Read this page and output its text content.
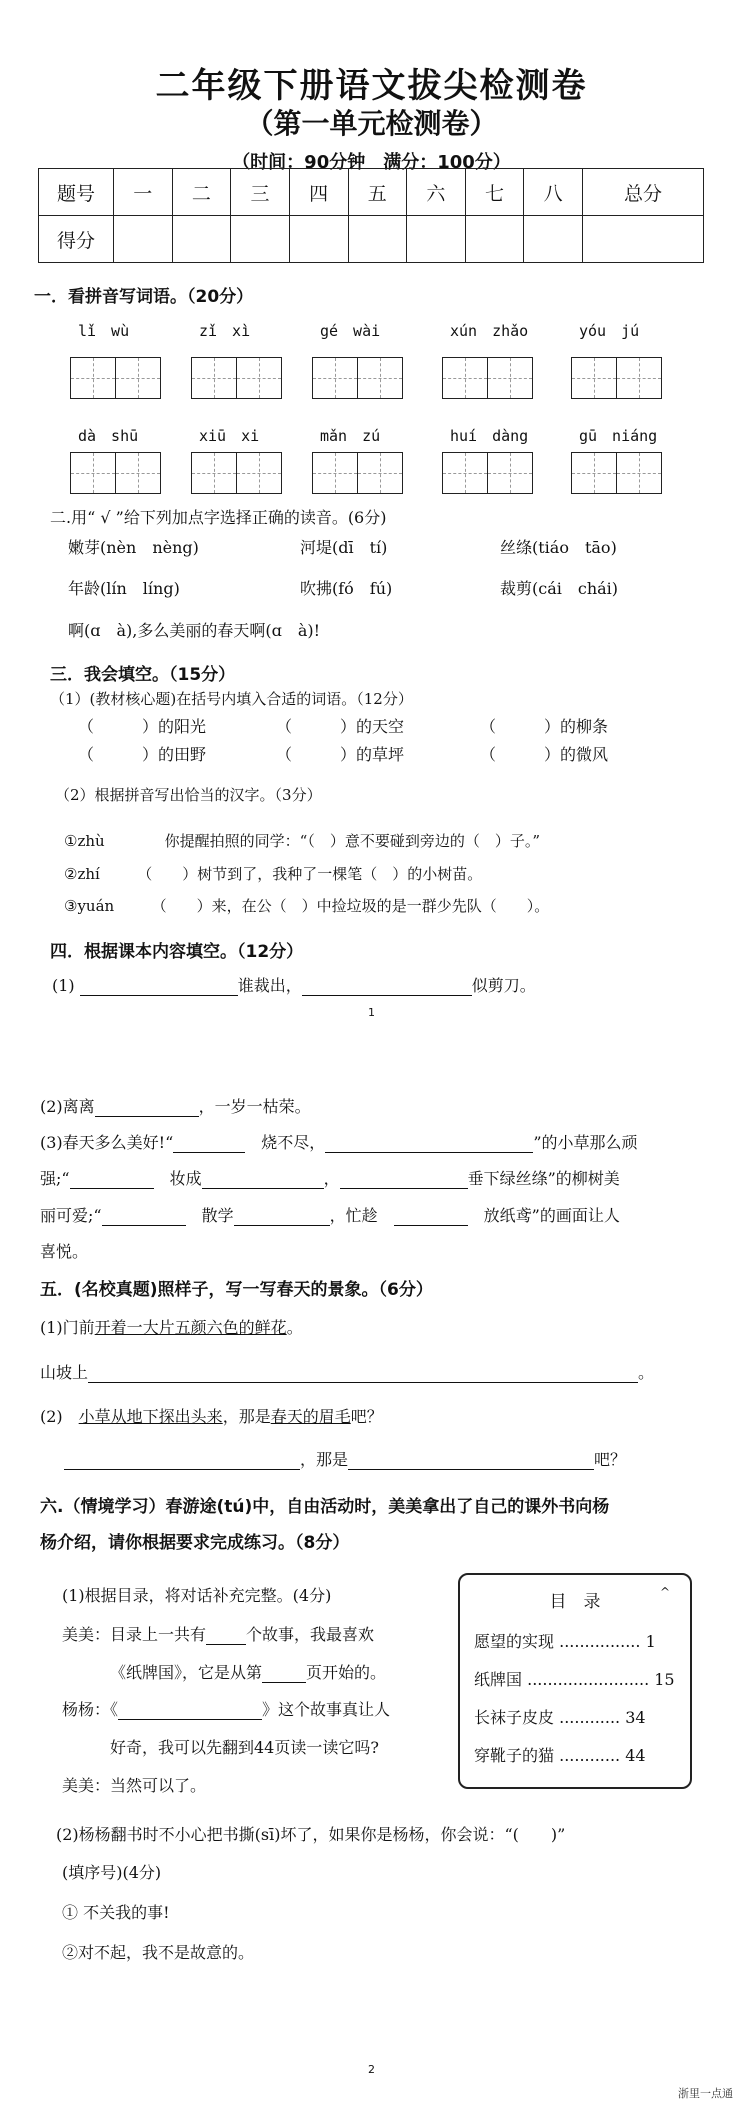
二年级下册语文拔尖检测卷
（第一单元检测卷）
（时间：90分钟　满分：100分）
题号	一	二	三	四	五	六	七	八	总分
得分									
一．看拼音写词语。（20分）
lǐ　wù	zǐ　xì	gé　wài	xún　zhǎo	yóu　jú
dà　shū	xiū　xi	mǎn　zú	huí　dàng	gū　niáng
二.用“ √ ”给下列加点字选择正确的读音。(6分)
嫩芽(nèn　nèng)	河堤(dī　tí)	丝绦(tiáo　tāo)
年龄(lín　líng)	吹拂(fó　fú)	裁剪(cái　chái)
啊(ɑ　à),多么美丽的春天啊(ɑ　à)!
三．我会填空。（15分）
（1）(教材核心题)在括号内填入合适的词语。（12分）
（　　　）的阳光	（　　　）的天空	（　　　）的柳条
（　　　）的田野	（　　　）的草坪	（　　　）的微风
（2）根据拼音写出恰当的汉字。（3分）
①zhù　　　　你提醒拍照的同学：“（　）意不要碰到旁边的（　）子。”
②zhí　　　（　　）树节到了，我种了一棵笔（　）的小树苗。
③yuán　　　（　　）来，在公（　）中捡垃圾的是一群少先队（　　）。
四．根据课本内容填空。（12分）
(1)	谁裁出，	似剪刀。
1
(2)离离	，一岁一枯荣。
(3)春天多么美好!“　	烧不尽，	”的小草那么顽
强;“　	妆成	，	垂下绿丝绦”的柳树美
丽可爱;“　	散学	，忙趁　　	放纸鸢”的画面让人
喜悦。
五．(名校真题)照样子，写一写春天的景象。（6分）
(1)门前开着一大片五颜六色的鲜花。
山坡上	。
(2)　小草从地下探出头来，那是春天的眉毛吧？
，那是	吧？
六.（情境学习）春游途(tú)中，自由活动时，美美拿出了自己的课外书向杨
杨介绍，请你根据要求完成练习。（8分）
(1)根据目录，将对话补充完整。(4分)
美美：目录上一共有	个故事，我最喜欢
《纸牌国》，它是从第	页开始的。
杨杨：《	》这个故事真让人
好奇，我可以先翻到44页读一读它吗?
美美：当然可以了。
(2)杨杨翻书时不小心把书撕(sī)坏了，如果你是杨杨，你会说：“(　　)”
(填序号)(4分)
① 不关我的事!
②对不起，我不是故意的。
目　录	^
愿望的实现 ................ 1
纸牌国 ........................ 15
长袜子皮皮 ............ 34
穿靴子的猫 ............ 44
2
浙里一点通
